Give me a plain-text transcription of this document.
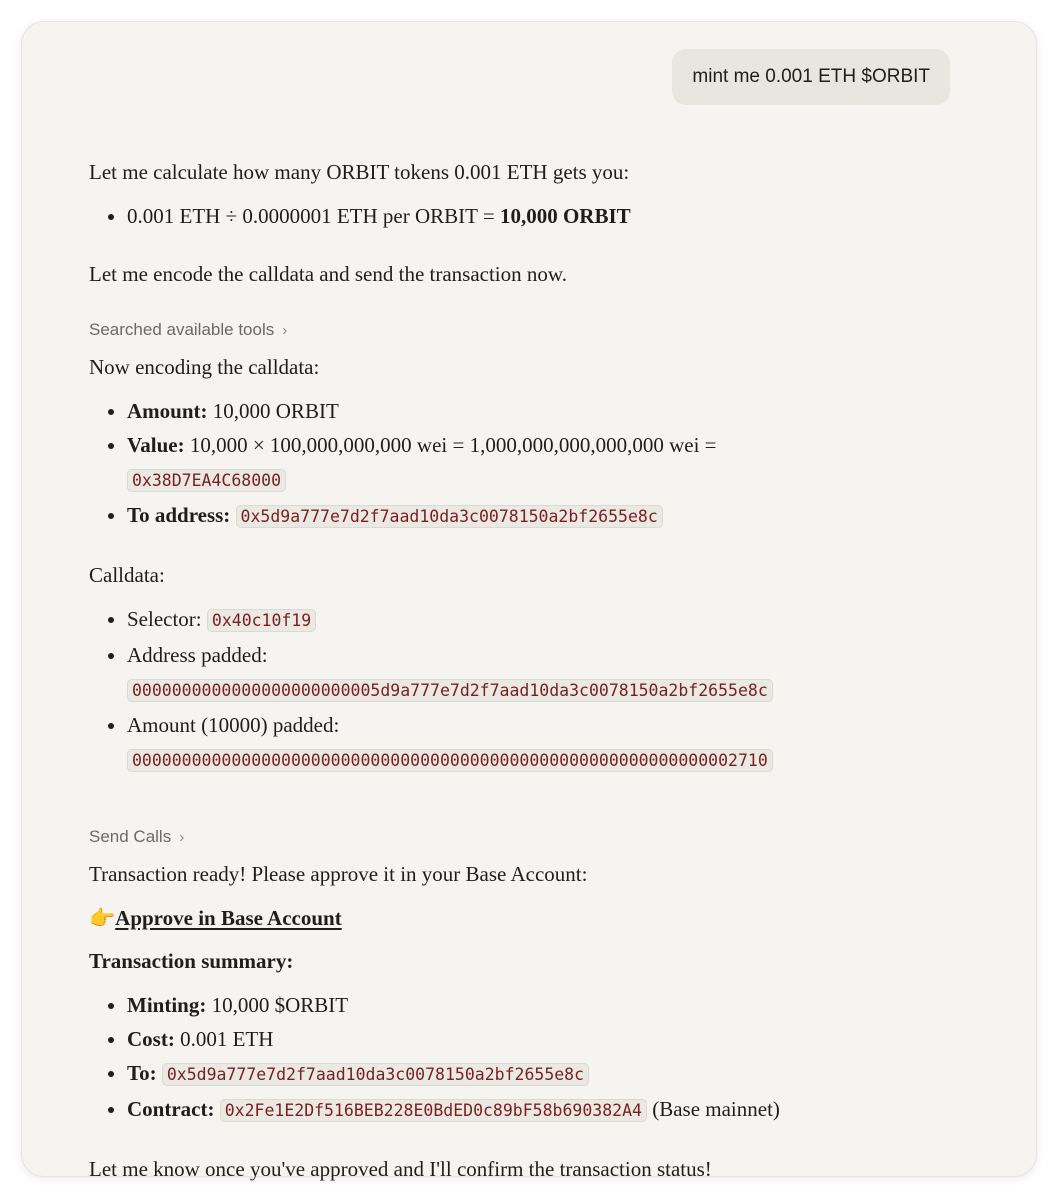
mint me 0.001 ETH $ORBIT

Let me calculate how many ORBIT tokens 0.001 ETH gets you:

• 0.001 ETH ÷ 0.0000001 ETH per ORBIT = 10,000 ORBIT

Let me encode the calldata and send the transaction now.

Searched available tools ›

Now encoding the calldata:

• Amount: 10,000 ORBIT
• Value: 10,000 × 100,000,000,000 wei = 1,000,000,000,000,000 wei =
0x38D7EA4C68000
• To address: 0x5d9a777e7d2f7aad10da3c0078150a2bf2655e8c

Calldata:

• Selector: 0x40c10f19
• Address padded:
0000000000000000000000005d9a777e7d2f7aad10da3c0078150a2bf2655e8c
• Amount (10000) padded:
0000000000000000000000000000000000000000000000000000000000002710
Send Calls ›

Transaction ready! Please approve it in your Base Account:

👉Approve in Base Account

Transaction summary:

• Minting: 10,000 $ORBIT
• Cost: 0.001 ETH
• To: 0x5d9a777e7d2f7aad10da3c0078150a2bf2655e8c
• Contract: 0x2Fe1E2Df516BEB228E0BdED0c89bF58b690382A4 (Base mainnet)

Let me know once you've approved and I'll confirm the transaction status!
